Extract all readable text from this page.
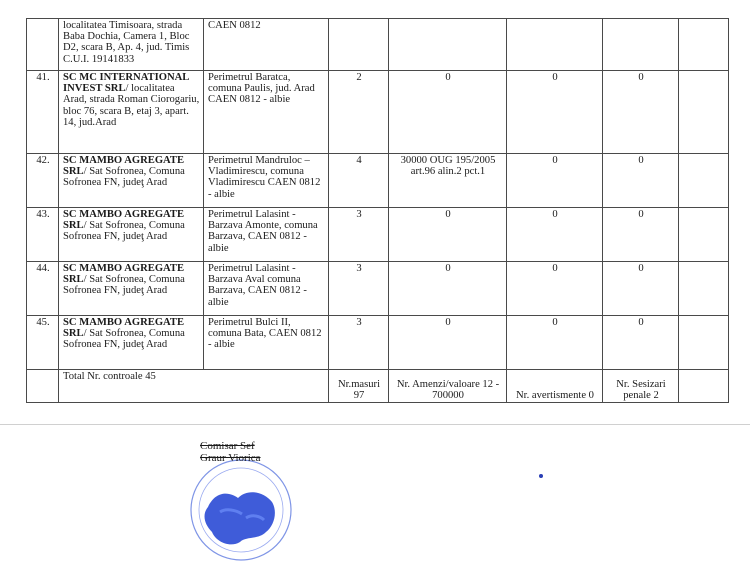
	localitatea Timisoara, strada Baba Dochia, Camera 1, Bloc D2, scara B, Ap. 4, jud. Timis C.U.I. 19141833	CAEN 0812					
41.	SC MC INTERNATIONAL INVEST SRL/ localitatea Arad, strada Roman Ciorogariu, bloc 76, scara B, etaj 3, apart. 14, jud.Arad	Perimetrul Baratca, comuna Paulis, jud. Arad CAEN 0812 - albie	2	0	0	0	
42.	SC MAMBO AGREGATE SRL/ Sat Sofronea, Comuna Sofronea FN, judeţ Arad	Perimetrul Mandruloc – Vladimirescu, comuna Vladimirescu CAEN 0812 - albie	4	30000 OUG 195/2005 art.96 alin.2 pct.1	0	0	
43.	SC MAMBO AGREGATE SRL/ Sat Sofronea, Comuna Sofronea FN, judeţ Arad	Perimetrul Lalasint - Barzava Amonte, comuna Barzava, CAEN 0812 - albie	3	0	0	0	
44.	SC MAMBO AGREGATE SRL/ Sat Sofronea, Comuna Sofronea FN, judeţ Arad	Perimetrul Lalasint - Barzava Aval comuna Barzava, CAEN 0812 - albie	3	0	0	0	
45.	SC MAMBO AGREGATE SRL/ Sat Sofronea, Comuna Sofronea FN, judeţ Arad	Perimetrul Bulci II, comuna Bata, CAEN 0812 - albie	3	0	0	0	
	Total Nr. controale 45		Nr.masuri 97	Nr. Amenzi/valoare 12 - 700000	Nr. avertismente 0	Nr. Sesizari penale 2	
Comisar Sef
Graur Viorica
